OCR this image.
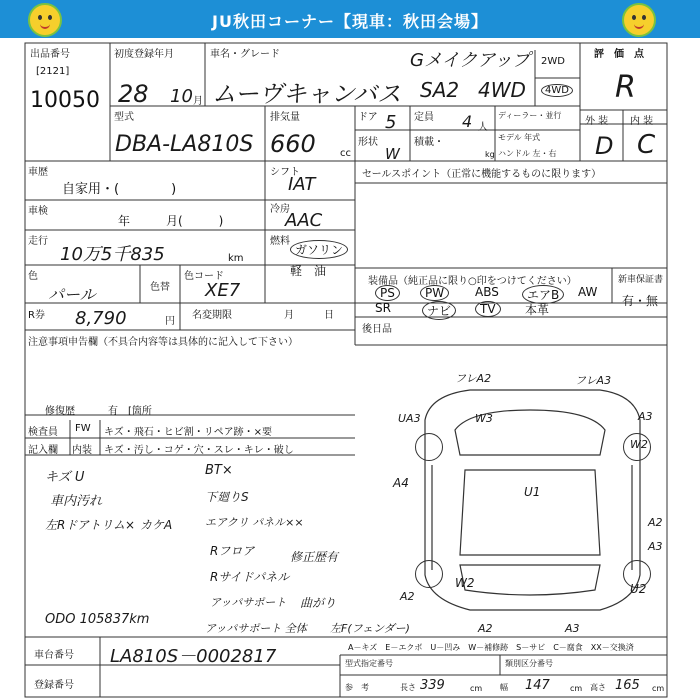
JU秋田コーナー【現車：秋田会場】
出品番号
[2121]
10050
初度登録年月
28 10 月
車名・グレード	Gメイクアップ
ムーヴキャンバス SA2 4WD
2WD
4WD
評　価　点
R
型式
DBA-LA810S
排気量
660 cc
ドア 5 定員 4 人
ディーラー・並行
モデル 年式
形状
W
積載・
kg ハンドル 左・右
外 装 内 装
D C
車歴
自家用・(　　　　)
シフト
IAT	セールスポイント（正常に機能するものに限ります）
車検
年　　　月(　　　)
冷房
AAC
走行
10万5千835	km
燃料
ガソリン
軽　油
色
パール	色替
色コード
XE7	装備品（純正品に限り○印をつけてください）	新車保証書
有・無
PS	PW	ABS	エアB	AW
SR	ナビ	TV	本革
R券 8,790	円
名変期限	月　　　日
後日品
注意事項申告欄（不具合内容等は具体的に記入して下さい）
修復歴	有　[箇所
検査員 FW キズ・飛石・ヒビ割・リペア跡・×要
記入欄 内装 キズ・汚し・コゲ・穴・スレ・キレ・破し
キズ U
車内汚れ
左Rドアトリム× カケA
BT×
下廻りS
エアクリ パネル××
Rフロア
Rサイドパネル
アッパサポート
アッパサポート 全体
修正歴有
曲がり
左F(フェンダー)
ODO 105837km
フレA2	フレA3
W3	A3
UA3
W2
A4
U1
A2
A3
W2
A2
U2
A2	A3
A－キズ　E－エクボ　U－凹み　W－補修跡　S－サビ　C－腐食　XX－交換済
車台番号 LA810S－0002817
登録番号
型式指定番号	類別区分番号
参　考	長さ 339	cm 幅 147	cm 高さ 165 cm
